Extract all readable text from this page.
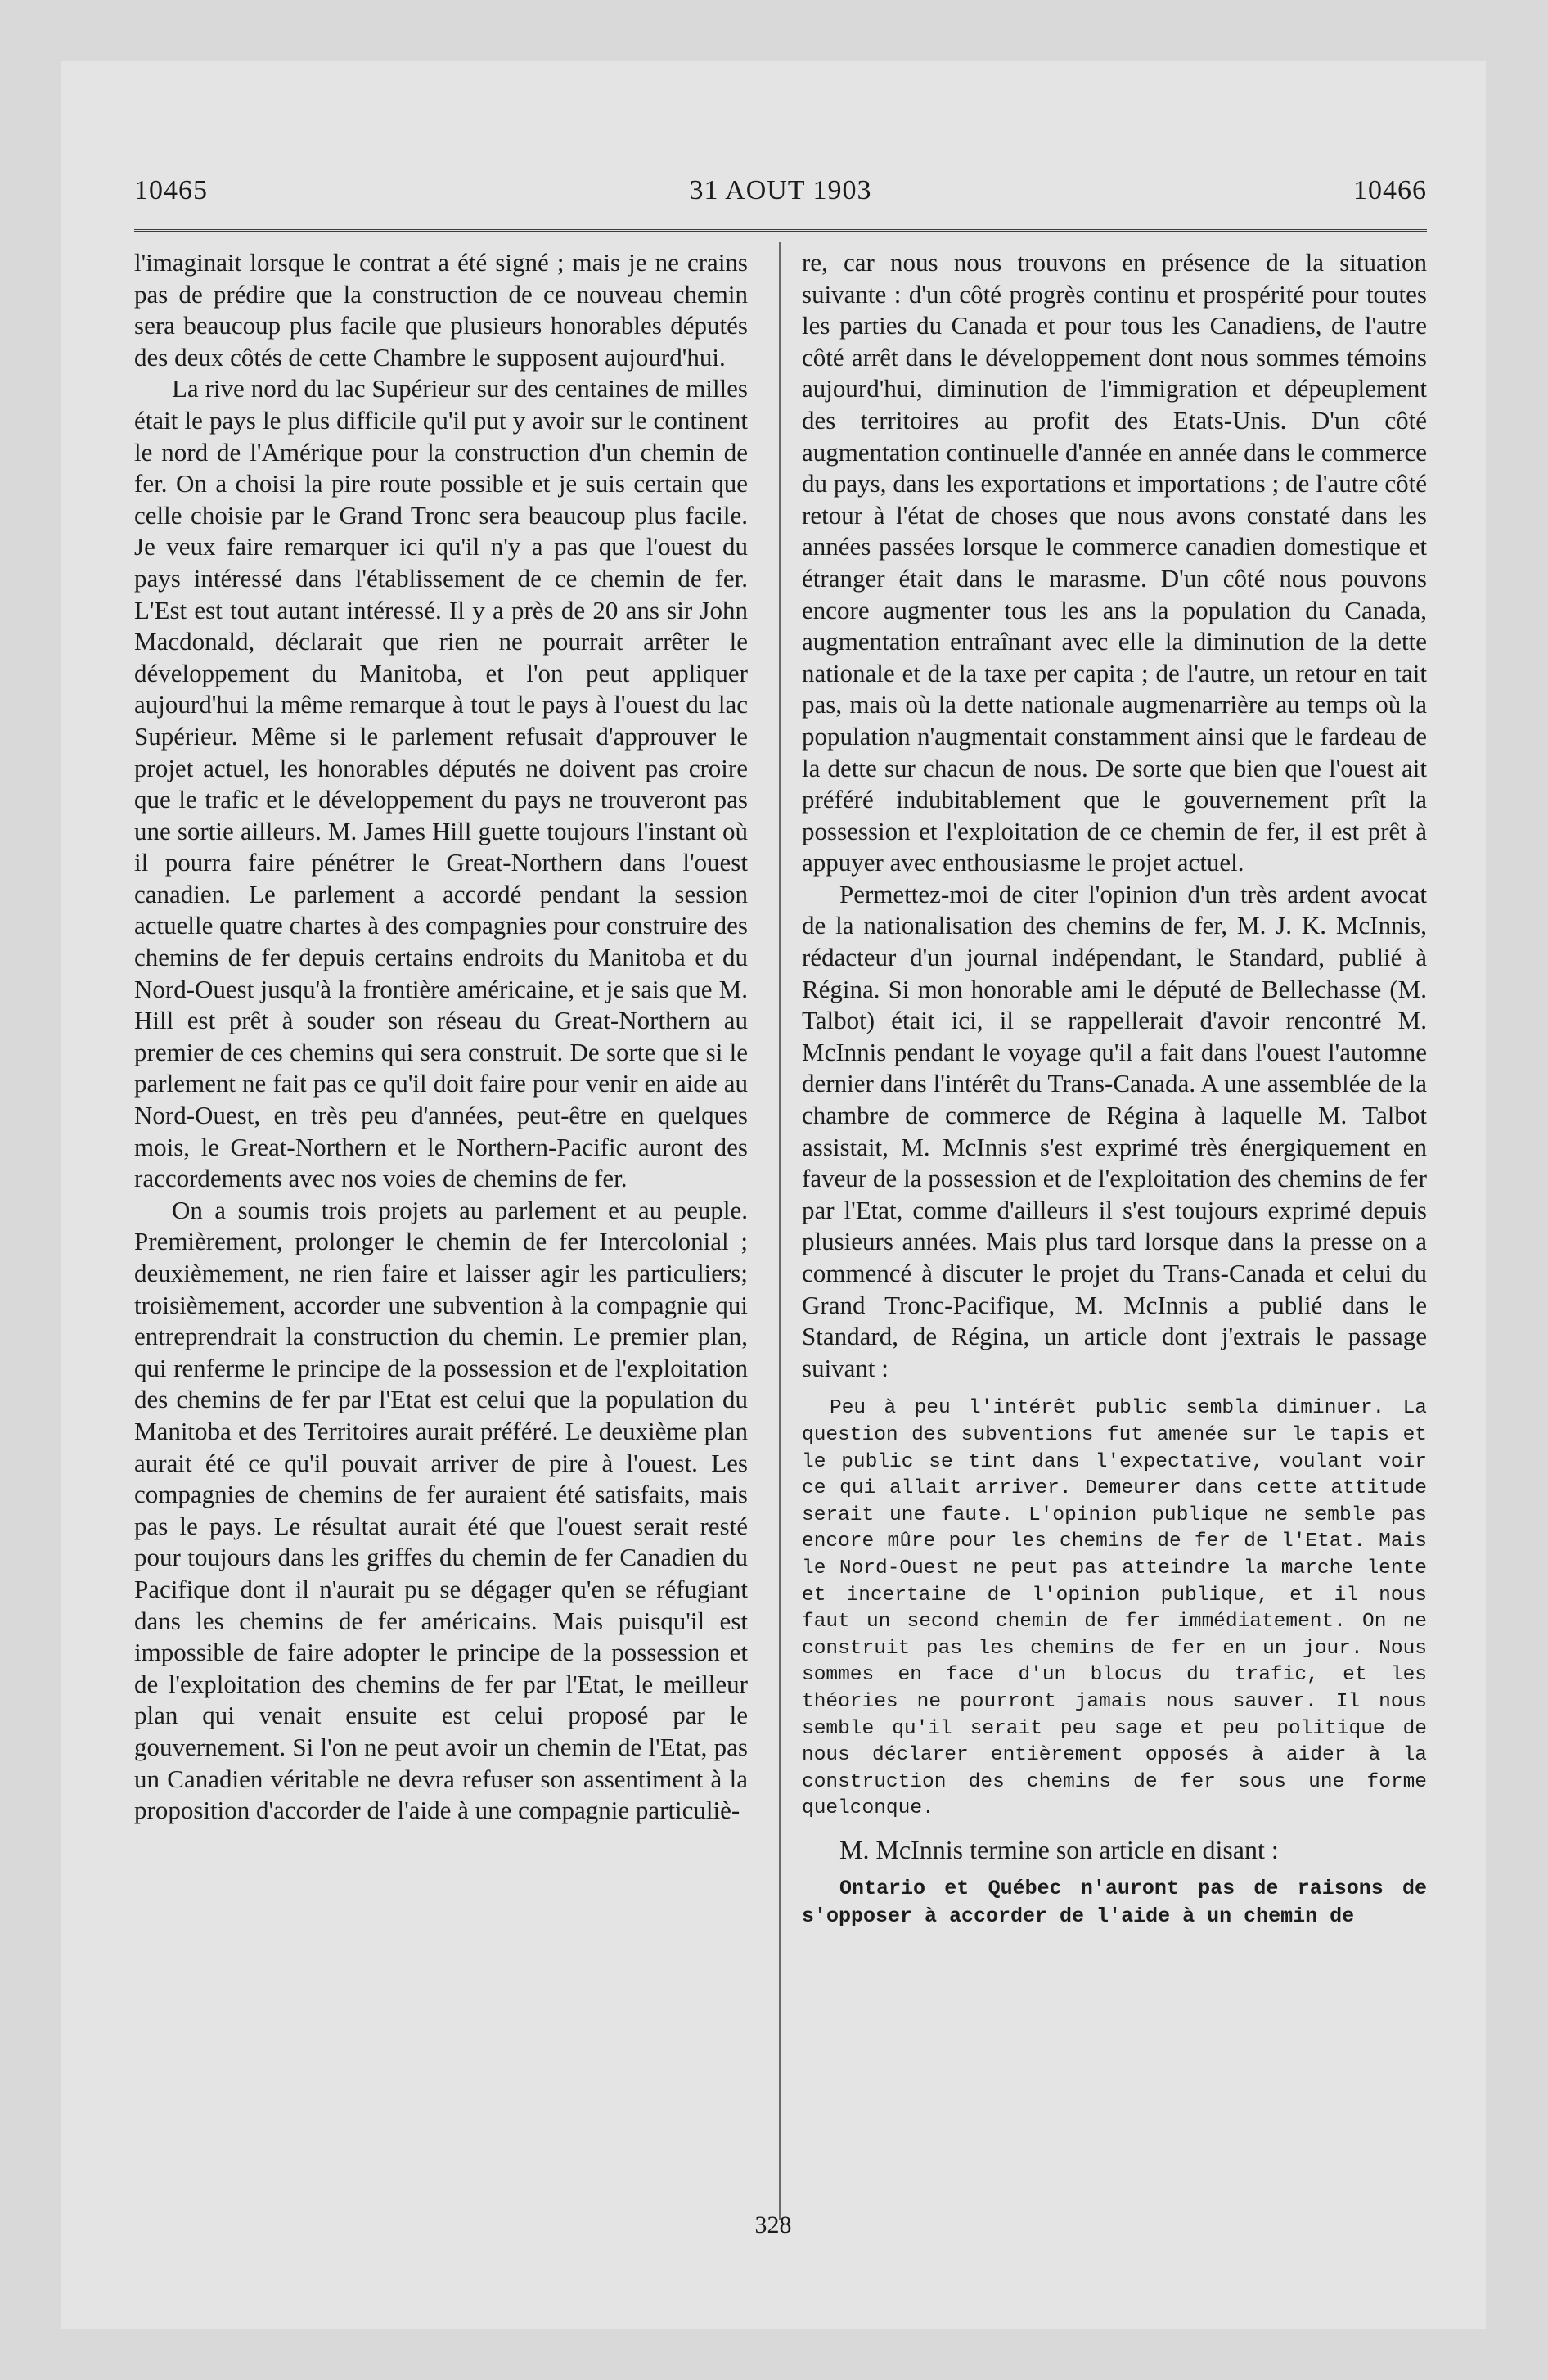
10465	31 AOUT 1903	10466

l'imaginait lorsque le contrat a été signé ; mais je ne crains pas de prédire que la construction de ce nouveau chemin sera beaucoup plus facile que plusieurs honorables députés des deux côtés de cette Chambre le supposent aujourd'hui.

La rive nord du lac Supérieur sur des centaines de milles était le pays le plus difficile qu'il put y avoir sur le continent le nord de l'Amérique pour la construction d'un chemin de fer. On a choisi la pire route possible et je suis certain que celle choisie par le Grand Tronc sera beaucoup plus facile. Je veux faire remarquer ici qu'il n'y a pas que l'ouest du pays intéressé dans l'établissement de ce chemin de fer. L'Est est tout autant intéressé. Il y a près de 20 ans sir John Macdonald, déclarait que rien ne pourrait arrêter le développement du Manitoba, et l'on peut appliquer aujourd'hui la même remarque à tout le pays à l'ouest du lac Supérieur. Même si le parlement refusait d'approuver le projet actuel, les honorables députés ne doivent pas croire que le trafic et le développement du pays ne trouveront pas une sortie ailleurs. M. James Hill guette toujours l'instant où il pourra faire pénétrer le Great-Northern dans l'ouest canadien. Le parlement a accordé pendant la session actuelle quatre chartes à des compagnies pour construire des chemins de fer depuis certains endroits du Manitoba et du Nord-Ouest jusqu'à la frontière américaine, et je sais que M. Hill est prêt à souder son réseau du Great-Northern au premier de ces chemins qui sera construit. De sorte que si le parlement ne fait pas ce qu'il doit faire pour venir en aide au Nord-Ouest, en très peu d'années, peut-être en quelques mois, le Great-Northern et le Northern-Pacific auront des raccordements avec nos voies de chemins de fer.

On a soumis trois projets au parlement et au peuple. Premièrement, prolonger le chemin de fer Intercolonial ; deuxièmement, ne rien faire et laisser agir les particuliers; troisièmement, accorder une subvention à la compagnie qui entreprendrait la construction du chemin. Le premier plan, qui renferme le principe de la possession et de l'exploitation des chemins de fer par l'Etat est celui que la population du Manitoba et des Territoires aurait préféré. Le deuxième plan aurait été ce qu'il pouvait arriver de pire à l'ouest. Les compagnies de chemins de fer auraient été satisfaits, mais pas le pays. Le résultat aurait été que l'ouest serait resté pour toujours dans les griffes du chemin de fer Canadien du Pacifique dont il n'aurait pu se dégager qu'en se réfugiant dans les chemins de fer américains. Mais puisqu'il est impossible de faire adopter le principe de la possession et de l'exploitation des chemins de fer par l'Etat, le meilleur plan qui venait ensuite est celui proposé par le gouvernement. Si l'on ne peut avoir un chemin de l'Etat, pas un Canadien véritable ne devra refuser son assentiment à la proposition d'accorder de l'aide à une compagnie particuliè-

re, car nous nous trouvons en présence de la situation suivante : d'un côté progrès continu et prospérité pour toutes les parties du Canada et pour tous les Canadiens, de l'autre côté arrêt dans le développement dont nous sommes témoins aujourd'hui, diminution de l'immigration et dépeuplement des territoires au profit des Etats-Unis. D'un côté augmentation continuelle d'année en année dans le commerce du pays, dans les exportations et importations ; de l'autre côté retour à l'état de choses que nous avons constaté dans les années passées lorsque le commerce canadien domestique et étranger était dans le marasme. D'un côté nous pouvons encore augmenter tous les ans la population du Canada, augmentation entraînant avec elle la diminution de la dette nationale et de la taxe per capita ; de l'autre, un retour en tait pas, mais où la dette nationale augmenarrière au temps où la population n'augmentait constamment ainsi que le fardeau de la dette sur chacun de nous. De sorte que bien que l'ouest ait préféré indubitablement que le gouvernement prît la possession et l'exploitation de ce chemin de fer, il est prêt à appuyer avec enthousiasme le projet actuel.

Permettez-moi de citer l'opinion d'un très ardent avocat de la nationalisation des chemins de fer, M. J. K. McInnis, rédacteur d'un journal indépendant, le Standard, publié à Régina. Si mon honorable ami le député de Bellechasse (M. Talbot) était ici, il se rappellerait d'avoir rencontré M. McInnis pendant le voyage qu'il a fait dans l'ouest l'automne dernier dans l'intérêt du Trans-Canada. A une assemblée de la chambre de commerce de Régina à laquelle M. Talbot assistait, M. McInnis s'est exprimé très énergiquement en faveur de la possession et de l'exploitation des chemins de fer par l'Etat, comme d'ailleurs il s'est toujours exprimé depuis plusieurs années. Mais plus tard lorsque dans la presse on a commencé à discuter le projet du Trans-Canada et celui du Grand Tronc-Pacifique, M. McInnis a publié dans le Standard, de Régina, un article dont j'extrais le passage suivant :

Peu à peu l'intérêt public sembla diminuer. La question des subventions fut amenée sur le tapis et le public se tint dans l'expectative, voulant voir ce qui allait arriver. Demeurer dans cette attitude serait une faute. L'opinion publique ne semble pas encore mûre pour les chemins de fer de l'Etat. Mais le Nord-Ouest ne peut pas atteindre la marche lente et incertaine de l'opinion publique, et il nous faut un second chemin de fer immédiatement. On ne construit pas les chemins de fer en un jour. Nous sommes en face d'un blocus du trafic, et les théories ne pourront jamais nous sauver. Il nous semble qu'il serait peu sage et peu politique de nous déclarer entièrement opposés à aider à la construction des chemins de fer sous une forme quelconque.

M. McInnis termine son article en disant :

Ontario et Québec n'auront pas de raisons de s'opposer à accorder de l'aide à un chemin de

328
